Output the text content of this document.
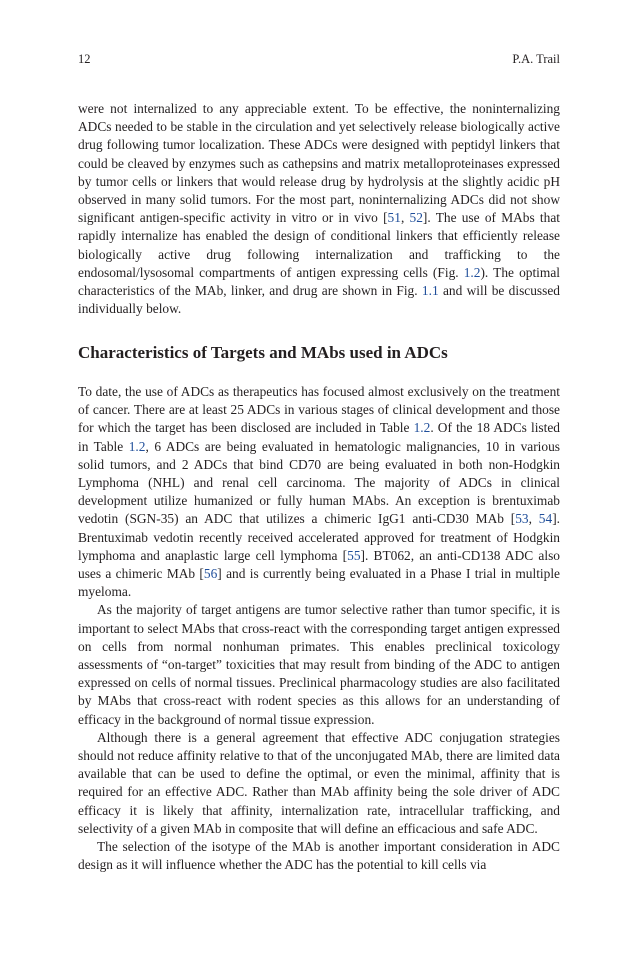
12	P.A. Trail

were not internalized to any appreciable extent. To be effective, the noninternalizing ADCs needed to be stable in the circulation and yet selectively release biologically active drug following tumor localization. These ADCs were designed with peptidyl linkers that could be cleaved by enzymes such as cathepsins and matrix metalloproteinases expressed by tumor cells or linkers that would release drug by hydrolysis at the slightly acidic pH observed in many solid tumors. For the most part, noninternalizing ADCs did not show significant antigen-specific activity in vitro or in vivo [51, 52]. The use of MAbs that rapidly internalize has enabled the design of conditional linkers that efficiently release biologically active drug following internalization and trafficking to the endosomal/lysosomal compartments of antigen expressing cells (Fig. 1.2). The optimal characteristics of the MAb, linker, and drug are shown in Fig. 1.1 and will be discussed individually below.

Characteristics of Targets and MAbs used in ADCs

To date, the use of ADCs as therapeutics has focused almost exclusively on the treatment of cancer. There are at least 25 ADCs in various stages of clinical development and those for which the target has been disclosed are included in Table 1.2. Of the 18 ADCs listed in Table 1.2, 6 ADCs are being evaluated in hematologic malignancies, 10 in various solid tumors, and 2 ADCs that bind CD70 are being evaluated in both non-Hodgkin Lymphoma (NHL) and renal cell carcinoma. The majority of ADCs in clinical development utilize humanized or fully human MAbs. An exception is brentuximab vedotin (SGN-35) an ADC that utilizes a chimeric IgG1 anti-CD30 MAb [53, 54]. Brentuximab vedotin recently received accelerated approved for treatment of Hodgkin lymphoma and anaplastic large cell lymphoma [55]. BT062, an anti-CD138 ADC also uses a chimeric MAb [56] and is currently being evaluated in a Phase I trial in multiple myeloma.

As the majority of target antigens are tumor selective rather than tumor specific, it is important to select MAbs that cross-react with the corresponding target antigen expressed on cells from normal nonhuman primates. This enables preclinical toxicology assessments of “on-target” toxicities that may result from binding of the ADC to antigen expressed on cells of normal tissues. Preclinical pharmacology studies are also facilitated by MAbs that cross-react with rodent species as this allows for an understanding of efficacy in the background of normal tissue expression.

Although there is a general agreement that effective ADC conjugation strategies should not reduce affinity relative to that of the unconjugated MAb, there are limited data available that can be used to define the optimal, or even the minimal, affinity that is required for an effective ADC. Rather than MAb affinity being the sole driver of ADC efficacy it is likely that affinity, internalization rate, intracellular trafficking, and selectivity of a given MAb in composite that will define an efficacious and safe ADC.

The selection of the isotype of the MAb is another important consideration in ADC design as it will influence whether the ADC has the potential to kill cells via
